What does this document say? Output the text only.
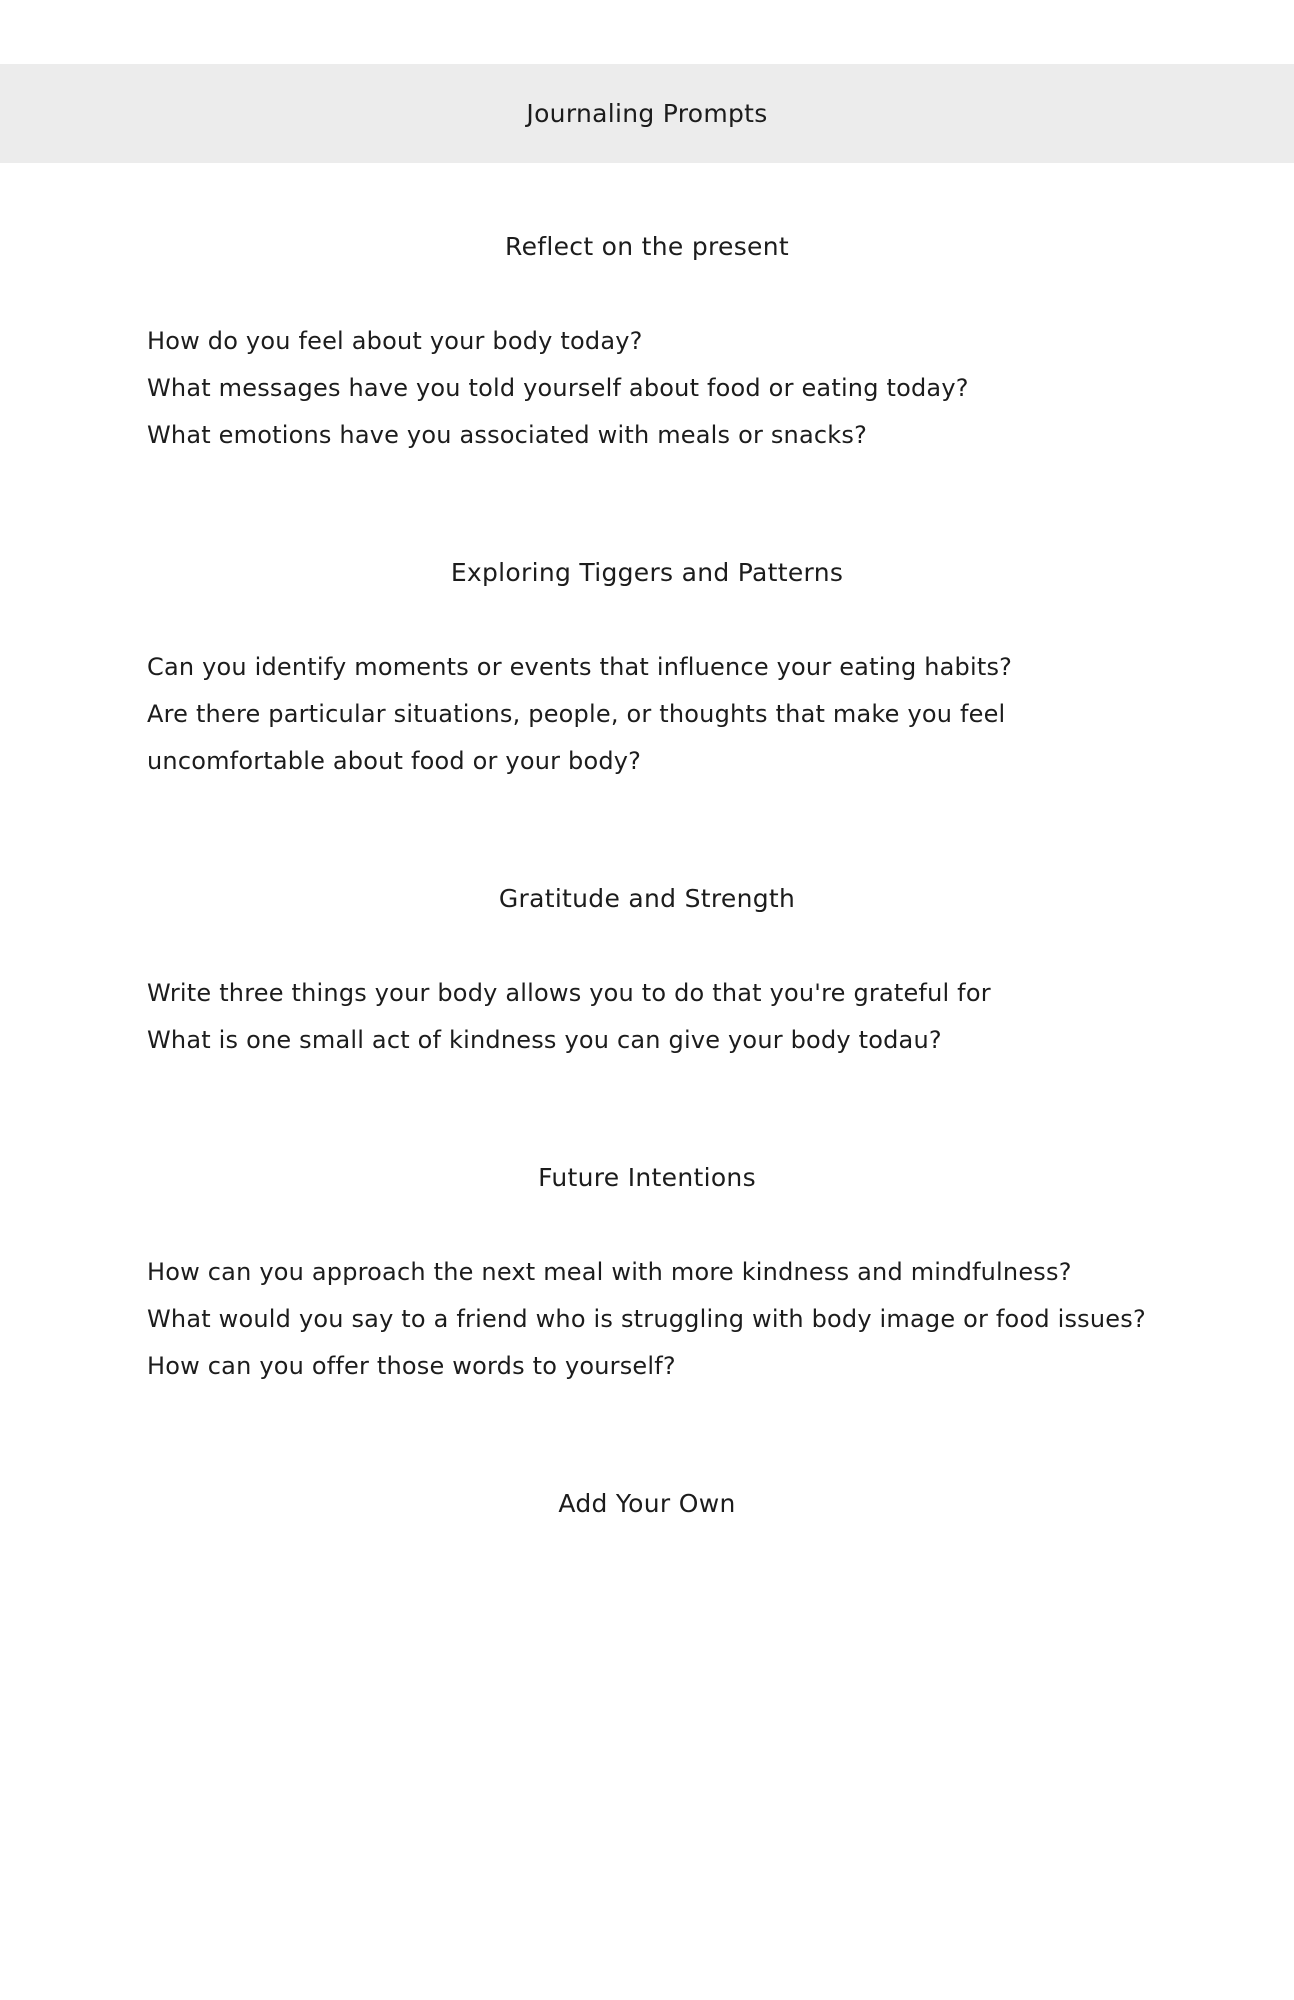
Journaling Prompts
Reflect on the present
How do you feel about your body today?
What messages have you told yourself about food or eating today?
What emotions have you associated with meals or snacks?
Exploring Tiggers and Patterns
Can you identify moments or events that influence your eating habits?
Are there particular situations, people, or thoughts that make you feel uncomfortable about food or your body?
Gratitude and Strength
Write three things your body allows you to do that you're grateful for
What is one small act of kindness you can give your body todau?
Future Intentions
How can you approach the next meal with more kindness and mindfulness?
What would you say to a friend who is struggling with body image or food issues?
How can you offer those words to yourself?
Add Your Own
